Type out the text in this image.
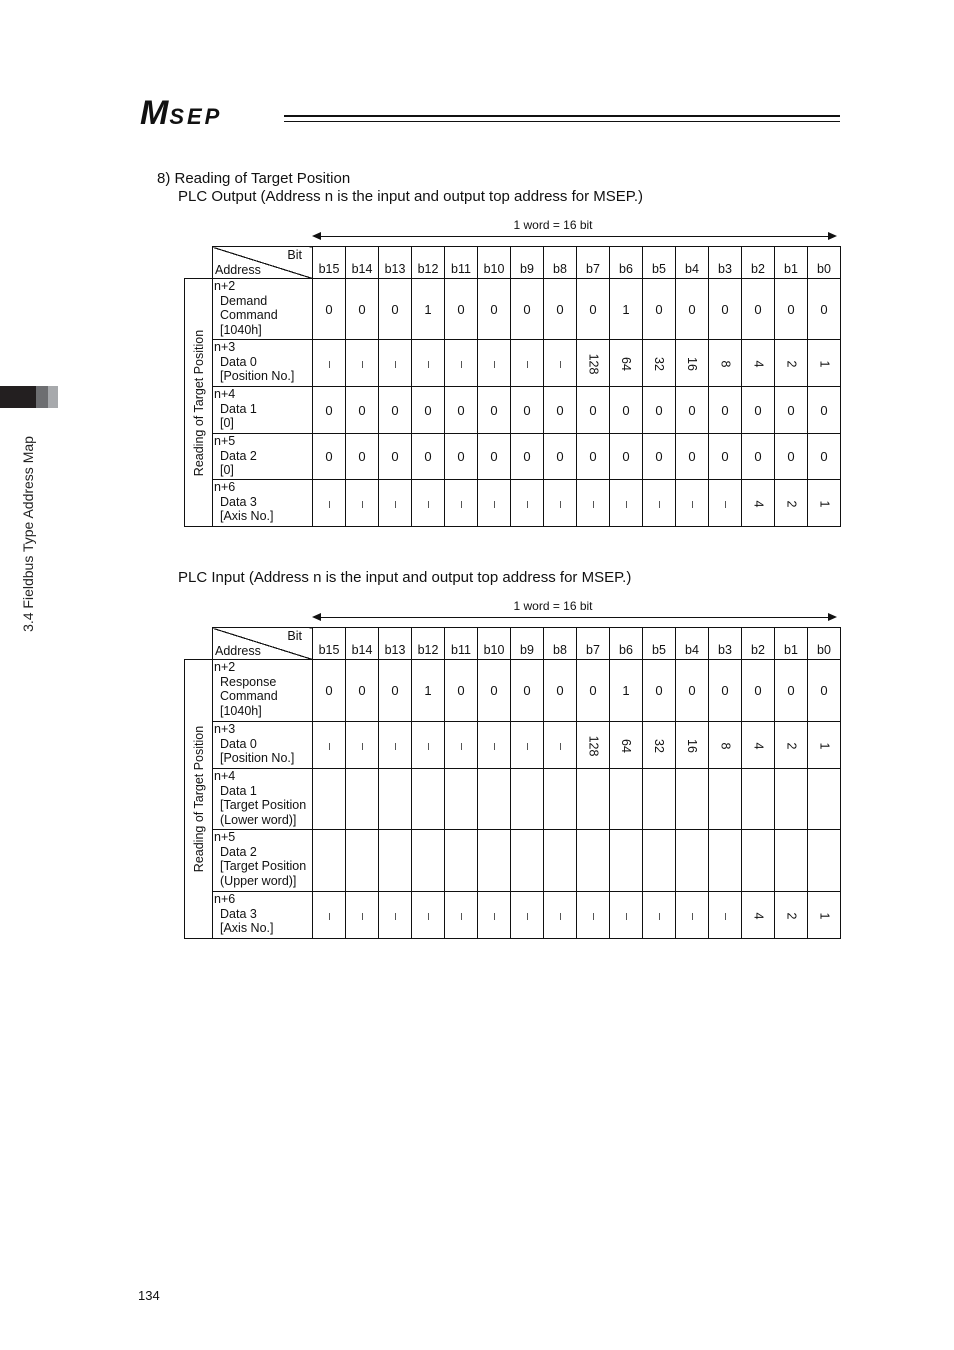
MSEP
3.4 Fieldbus Type Address Map
8) Reading of Target Position
PLC Output (Address n is the input and output top address for MSEP.)
1 word = 16 bit

	Bit
Address	b15	b14	b13	b12	b11	b10	b9	b8	b7	b6	b5	b4	b3	b2	b1	b0

Reading of Target Position	n+2
Demand
Command
[1040h]	0	0	0	1	0	0	0	0	0	1	0	0	0	0	0	0

	n+3
Data 0
[Position No.]									128	64	32	16	8	4	2	1

	n+4
Data 1
[0]	0	0	0	0	0	0	0	0	0	0	0	0	0	0	0	0

	n+5
Data 2
[0]	0	0	0	0	0	0	0	0	0	0	0	0	0	0	0	0

	n+6
Data 3
[Axis No.]														4	2	1
PLC Input (Address n is the input and output top address for MSEP.)
1 word = 16 bit

	Bit
Address	b15	b14	b13	b12	b11	b10	b9	b8	b7	b6	b5	b4	b3	b2	b1	b0

Reading of Target Position	n+2
Response
Command
[1040h]	0	0	0	1	0	0	0	0	0	1	0	0	0	0	0	0

	n+3
Data 0
[Position No.]									128	64	32	16	8	4	2	1

	n+4
Data 1
[Target Position
(Lower word)]																

	n+5
Data 2
[Target Position
(Upper word)]																

	n+6
Data 3
[Axis No.]														4	2	1
134
